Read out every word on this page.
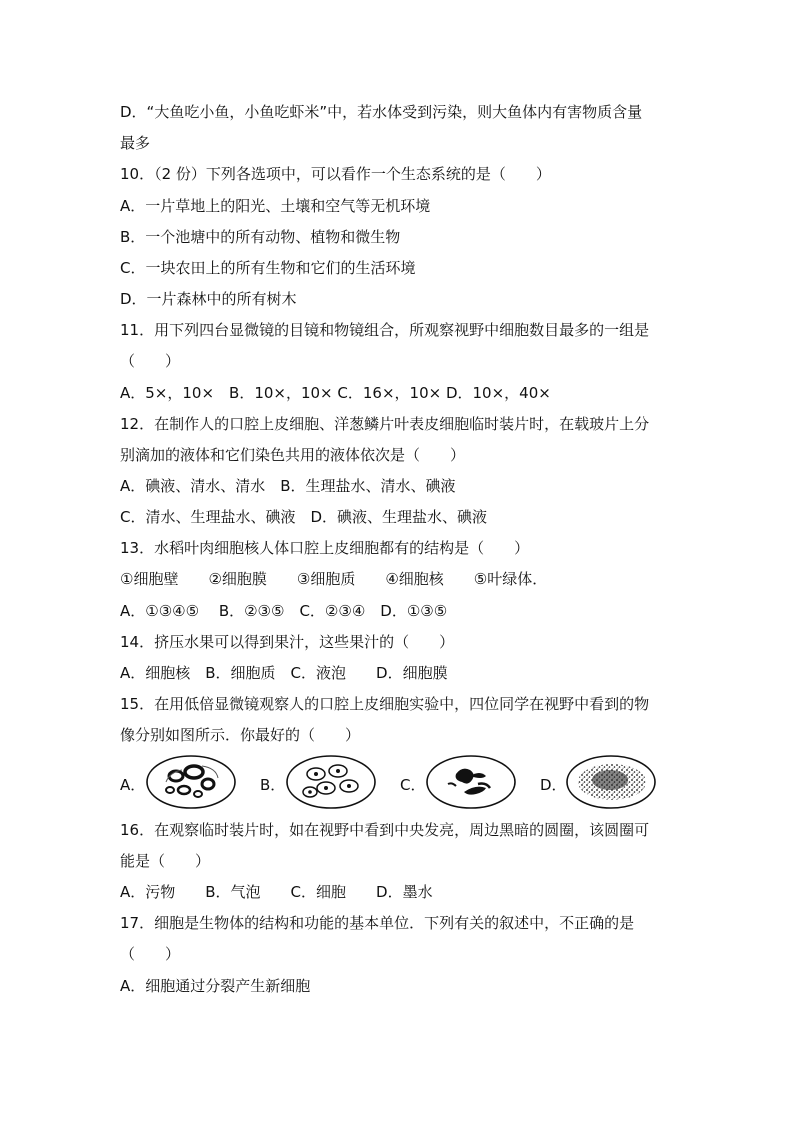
D．“大鱼吃小鱼，小鱼吃虾米”中，若水体受到污染，则大鱼体内有害物质含量
最多
10．（2 份）下列各选项中，可以看作一个生态系统的是（　　）
A．一片草地上的阳光、土壤和空气等无机环境
B．一个池塘中的所有动物、植物和微生物
C．一块农田上的所有生物和它们的生活环境
D．一片森林中的所有树木
11．用下列四台显微镜的目镜和物镜组合，所观察视野中细胞数目最多的一组是
（　　）
A．5×，10×　B．10×，10× C．16×，10× D．10×，40×
12．在制作人的口腔上皮细胞、洋葱鳞片叶表皮细胞临时装片时，在载玻片上分
别滴加的液体和它们染色共用的液体依次是（　　）
A．碘液、清水、清水　B．生理盐水、清水、碘液
C．清水、生理盐水、碘液　D．碘液、生理盐水、碘液
13．水稻叶肉细胞核人体口腔上皮细胞都有的结构是（　　）
①细胞壁　　②细胞膜　　③细胞质　　④细胞核　　⑤叶绿体．
A．①③④⑤　 B．②③⑤　C．②③④　D．①③⑤
14．挤压水果可以得到果汁，这些果汁的（　　）
A．细胞核　B．细胞质　C．液泡　　D．细胞膜
15．在用低倍显微镜观察人的口腔上皮细胞实验中，四位同学在视野中看到的物
像分别如图所示．你最好的（　　）
A．	B．	C．	D．
16．在观察临时装片时，如在视野中看到中央发亮，周边黑暗的圆圈，该圆圈可
能是（　　）
A．污物　　B．气泡　　C．细胞　　D．墨水
17．细胞是生物体的结构和功能的基本单位．下列有关的叙述中，不正确的是
（　　）
A．细胞通过分裂产生新细胞
